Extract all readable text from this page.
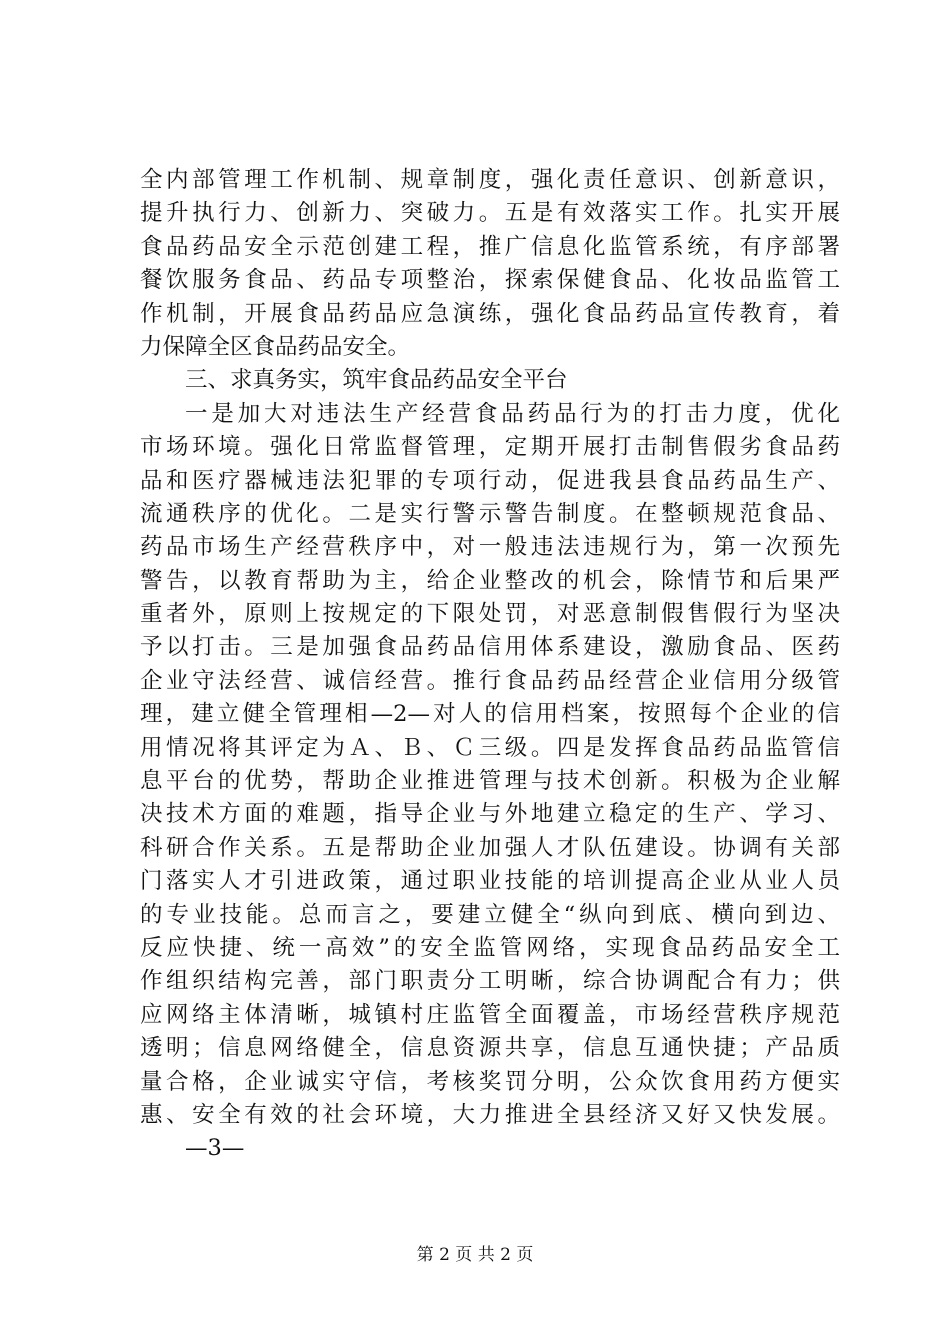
全内部管理工作机制、规章制度，强化责任意识、创新意识，
提升执行力、创新力、突破力。五是有效落实工作。扎实开展
食品药品安全示范创建工程，推广信息化监管系统，有序部署
餐饮服务食品、药品专项整治，探索保健食品、化妆品监管工
作机制，开展食品药品应急演练，强化食品药品宣传教育，着
力保障全区食品药品安全。
三、求真务实，筑牢食品药品安全平台
一是加大对违法生产经营食品药品行为的打击力度，优化
市场环境。强化日常监督管理，定期开展打击制售假劣食品药
品和医疗器械违法犯罪的专项行动，促进我县食品药品生产、
流通秩序的优化。二是实行警示警告制度。在整顿规范食品、
药品市场生产经营秩序中，对一般违法违规行为，第一次预先
警告，以教育帮助为主，给企业整改的机会，除情节和后果严
重者外，原则上按规定的下限处罚，对恶意制假售假行为坚决
予以打击。三是加强食品药品信用体系建设，激励食品、医药
企业守法经营、诚信经营。推行食品药品经营企业信用分级管
理，建立健全管理相—2—对人的信用档案，按照每个企业的信
用情况将其评定为Ａ、Ｂ、Ｃ三级。四是发挥食品药品监管信
息平台的优势，帮助企业推进管理与技术创新。积极为企业解
决技术方面的难题，指导企业与外地建立稳定的生产、学习、
科研合作关系。五是帮助企业加强人才队伍建设。协调有关部
门落实人才引进政策，通过职业技能的培训提高企业从业人员
的专业技能。总而言之，要建立健全“纵向到底、横向到边、
反应快捷、统一高效”的安全监管网络，实现食品药品安全工
作组织结构完善，部门职责分工明晰，综合协调配合有力；供
应网络主体清晰，城镇村庄监管全面覆盖，市场经营秩序规范
透明；信息网络健全，信息资源共享，信息互通快捷；产品质
量合格，企业诚实守信，考核奖罚分明，公众饮食用药方便实
惠、安全有效的社会环境，大力推进全县经济又好又快发展。
—3—
第 2 页 共 2 页
